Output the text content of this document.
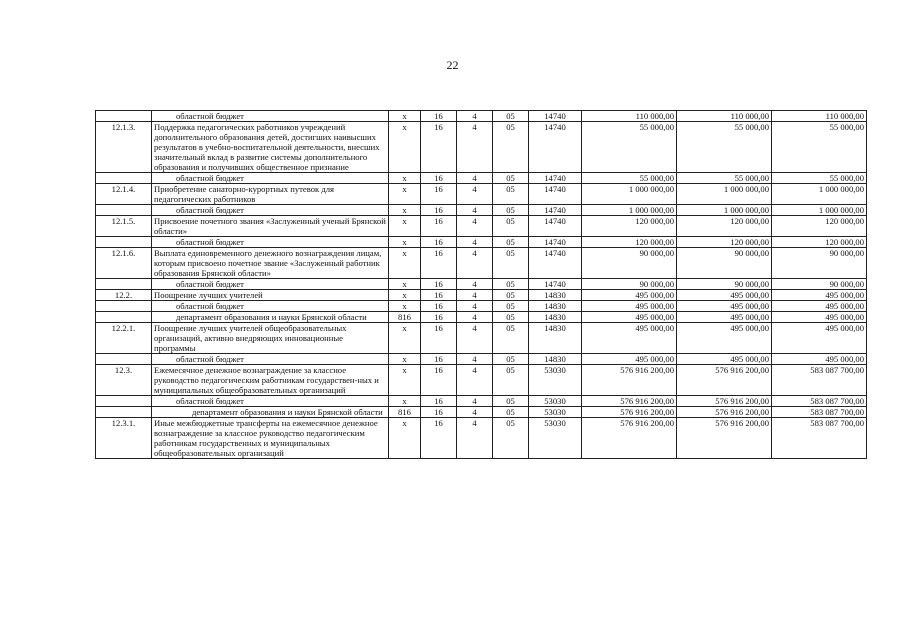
22
	областной бюджет	х	16	4	05	14740	110 000,00	110 000,00	110 000,00
12.1.3.	Поддержка педагогических работников учреждений дополнительного образования детей, достигших наивысших результатов в учебно-воспитательной деятельности, внесших значительный вклад в развитие системы дополнительного образования и получивших общественное признание	х	16	4	05	14740	55 000,00	55 000,00	55 000,00
	областной бюджет	х	16	4	05	14740	55 000,00	55 000,00	55 000,00
12.1.4.	Приобретение санаторно-курортных путевок для педагогических работников	х	16	4	05	14740	1 000 000,00	1 000 000,00	1 000 000,00
	областной бюджет	х	16	4	05	14740	1 000 000,00	1 000 000,00	1 000 000,00
12.1.5.	Присвоение почетного звания «Заслуженный ученый Брянской области»	х	16	4	05	14740	120 000,00	120 000,00	120 000,00
	областной бюджет	х	16	4	05	14740	120 000,00	120 000,00	120 000,00
12.1.6.	Выплата единовременного денежного вознаграждения лицам, которым присвоено почетное звание «Заслуженный работник образования Брянской области»	х	16	4	05	14740	90 000,00	90 000,00	90 000,00
	областной бюджет	х	16	4	05	14740	90 000,00	90 000,00	90 000,00
12.2.	Поощрение лучших учителей	х	16	4	05	14830	495 000,00	495 000,00	495 000,00
	областной бюджет	х	16	4	05	14830	495 000,00	495 000,00	495 000,00
	департамент образования и науки Брянской области	816	16	4	05	14830	495 000,00	495 000,00	495 000,00
12.2.1.	Поощрение лучших учителей общеобразовательных организаций, активно внедряющих инновационные программы	х	16	4	05	14830	495 000,00	495 000,00	495 000,00
	областной бюджет	х	16	4	05	14830	495 000,00	495 000,00	495 000,00
12.3.	Ежемесячное денежное вознаграждение за классное руководство педагогическим работникам государствен-ных и муниципальных общеобразовательных организаций	х	16	4	05	53030	576 916 200,00	576 916 200,00	583 087 700,00
	областной бюджет	х	16	4	05	53030	576 916 200,00	576 916 200,00	583 087 700,00
	департамент образования и науки Брянской области	816	16	4	05	53030	576 916 200,00	576 916 200,00	583 087 700,00
12.3.1.	Иные межбюджетные трансферты на ежемесячное денежное вознаграждение за классное руководство педагогическим работникам государственных и муниципальных общеобразовательных организаций	х	16	4	05	53030	576 916 200,00	576 916 200,00	583 087 700,00
